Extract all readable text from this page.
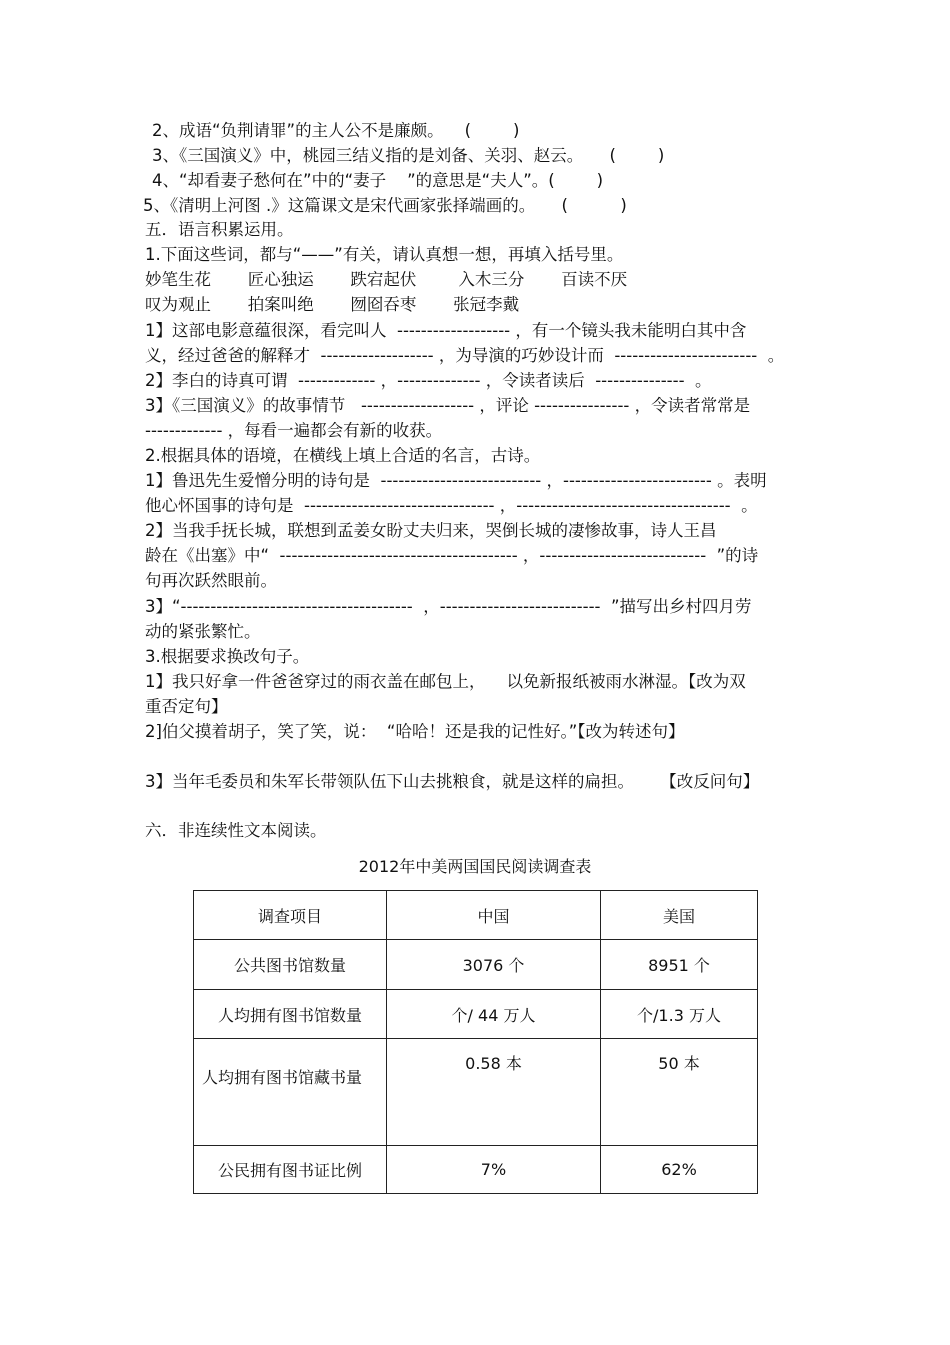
2、成语“负荆请罪”的主人公不是廉颇。    (        )
3、《三国演义》中，桃园三结义指的是刘备、关羽、赵云。     (        )
4、“却看妻子愁何在”中的“妻子    ”的意思是“夫人”。(        )
5、《清明上河图 .》这篇课文是宋代画家张择端画的。     (          )
五．语言积累运用。
1.下面这些词，都与“——”有关，请认真想一想，再填入括号里。
妙笔生花       匠心独运       跌宕起伏        入木三分       百读不厌
叹为观止       拍案叫绝       囫囵吞枣       张冠李戴
1】这部电影意蕴很深，看完叫人  ------------------- ，有一个镜头我未能明白其中含
义，经过爸爸的解释才  ------------------- ，为导演的巧妙设计而  ------------------------  。
2】李白的诗真可谓  ------------- ，-------------- ，令读者读后  ---------------  。
3】《三国演义》的故事情节   ------------------- ，评论 ---------------- ，令读者常常是
------------- ，每看一遍都会有新的收获。
2.根据具体的语境，在横线上填上合适的名言，古诗。
1】鲁迅先生爱憎分明的诗句是  --------------------------- ，------------------------- 。表明
他心怀国事的诗句是  -------------------------------- ，------------------------------------  。
2】当我手抚长城，联想到孟姜女盼丈夫归来，哭倒长城的凄惨故事，诗人王昌
龄在《出塞》中“  ---------------------------------------- ，----------------------------  ”的诗
句再次跃然眼前。
3】“---------------------------------------  ，---------------------------  ”描写出乡村四月劳
动的紧张繁忙。
3.根据要求换改句子。
1】我只好拿一件爸爸穿过的雨衣盖在邮包上，    以免新报纸被雨水淋湿。【改为双
重否定句】
2]伯父摸着胡子，笑了笑，说：  “哈哈！还是我的记性好。”【改为转述句】
3】当年毛委员和朱军长带领队伍下山去挑粮食，就是这样的扁担。     【改反问句】
六．非连续性文本阅读。
2012年中美两国国民阅读调查表
调查项目	中国	美国
公共图书馆数量	3076 个	8951 个
人均拥有图书馆数量	个/ 44 万人	个/1.3 万人
人均拥有图书馆藏书量	0.58 本	50 本
公民拥有图书证比例	7%	62%
